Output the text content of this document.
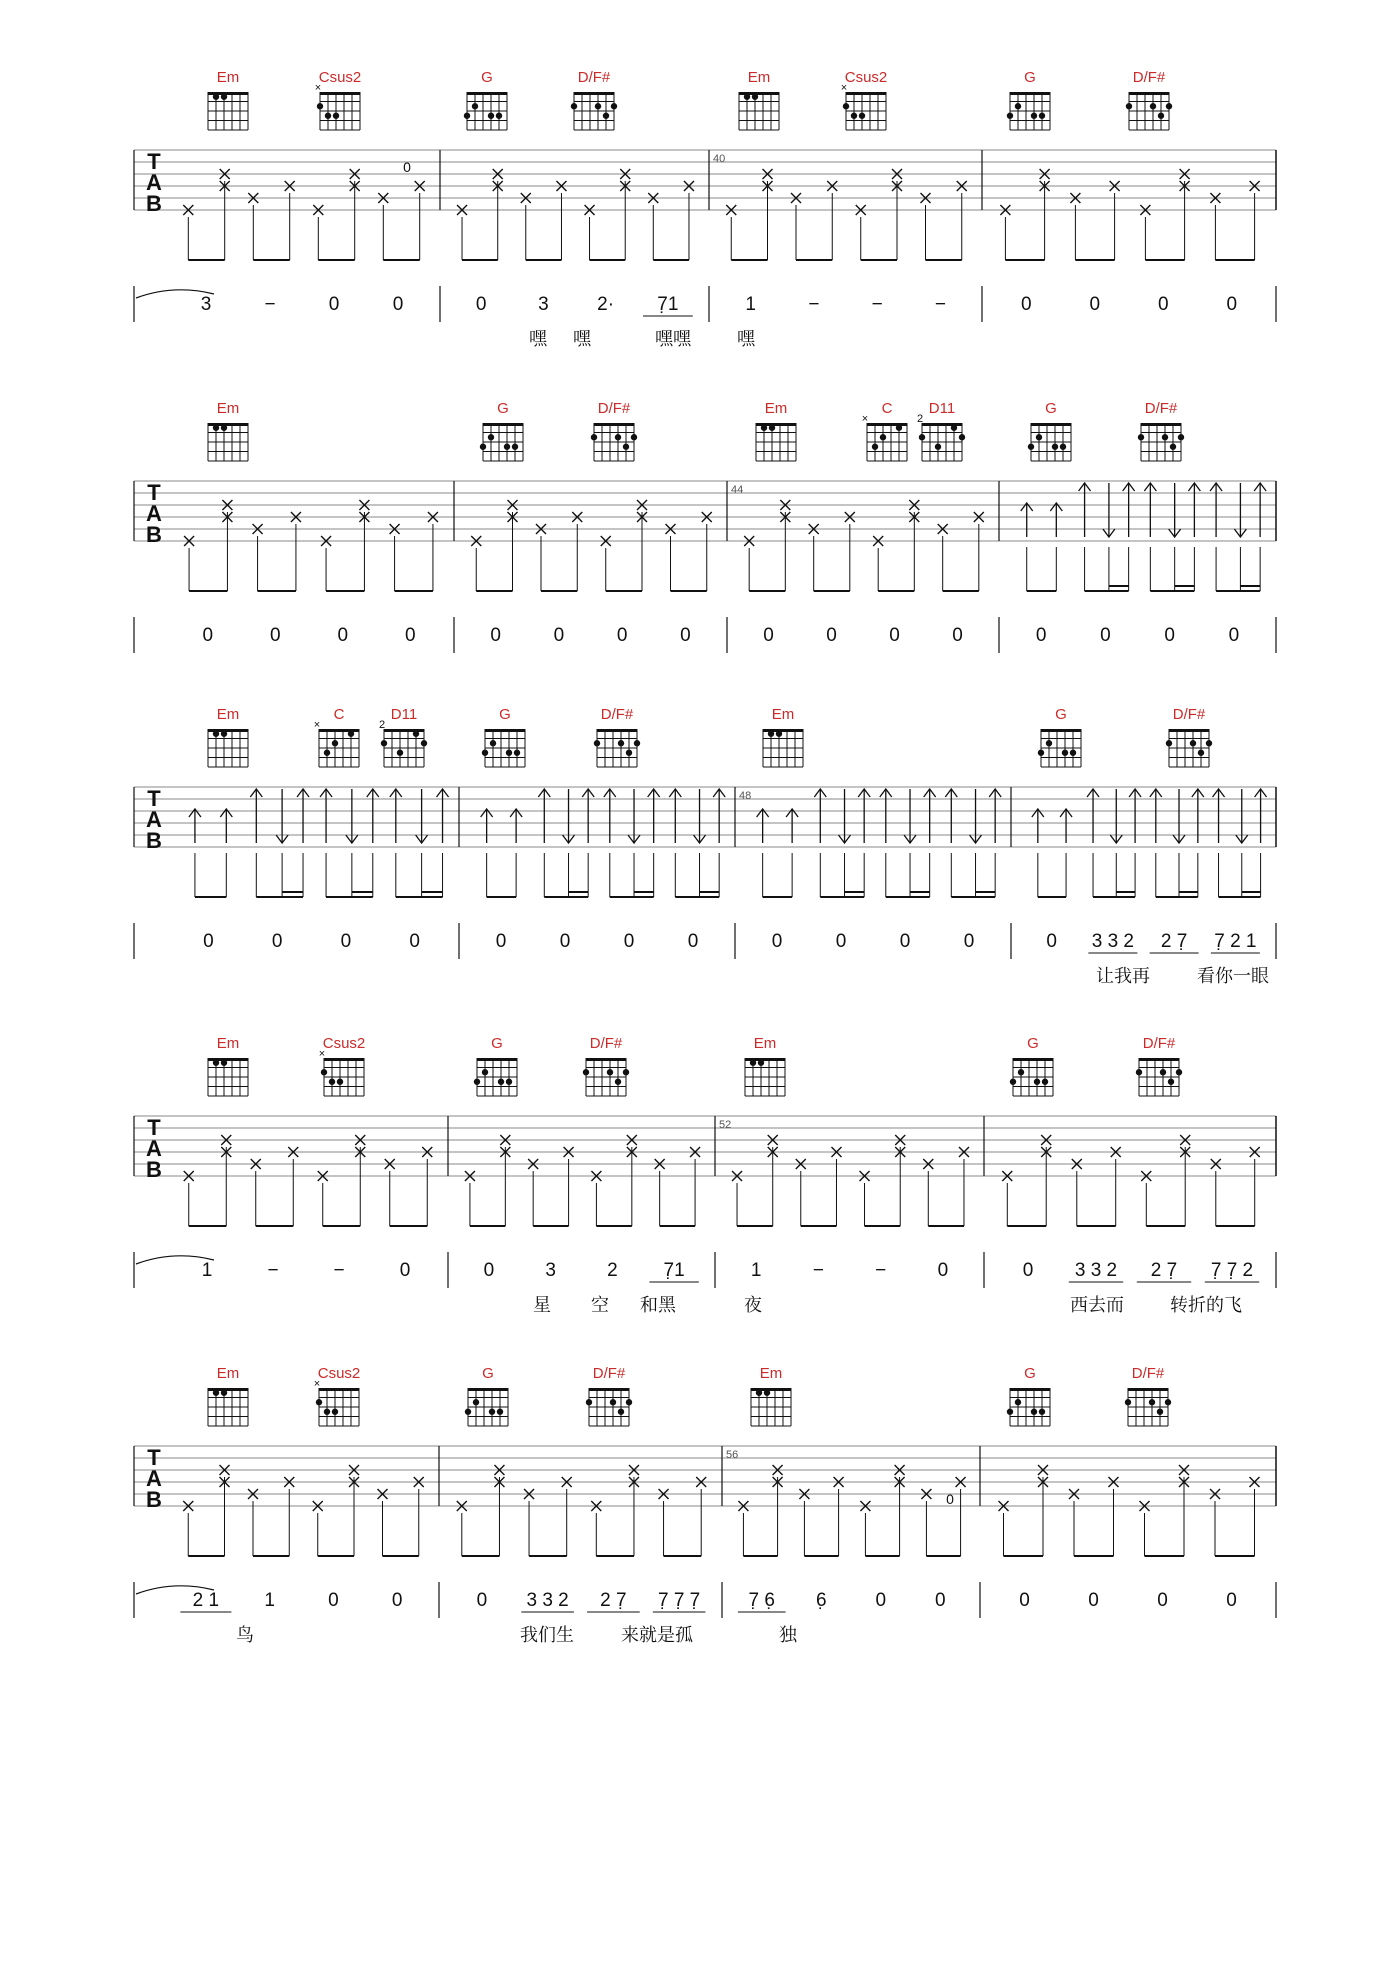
Em	Csus2
×
G	D/F#	Em	Csus2
×
G	D/F#
T
A
B
40
0
3	−	0	0	0	3	2· 7̣1	1	−	−	−	0	0	0	0
嘿 嘿	嘿嘿	嘿
Em	G	D/F#	Em	C
×
D11
2
G	D/F#
T
A
B
44
0	0	0	0	0	0	0	0	0	0	0	0	0	0	0	0
Em	C
×
D11
2
G	D/F#	Em	G	D/F#
T
A
B
48
0	0	0	0	0	0	0	0	0	0	0	0	0 3 3 2 2 7̣ 7̣ 2 1
让我再	看你一眼
Em	Csus2
×
G	D/F#	Em	G	D/F#
T
A
B
52
1	−	−	0	0	3	2 7̣1	1	−	−	0	0 3 3 2 2 7̣ 7̣ 7̣ 2
星 空 和黑	夜	西去而	转折的飞
Em	Csus2
×
G	D/F#	Em	G	D/F#
T
A
B
56
0
2 1 1	0	0	0 3 3 2 2 7̣ 7̣ 7̣ 7̣	7̣ 6̣ 6̣	0	0	0	0	0	0
鸟	我们生	来就是孤	独
